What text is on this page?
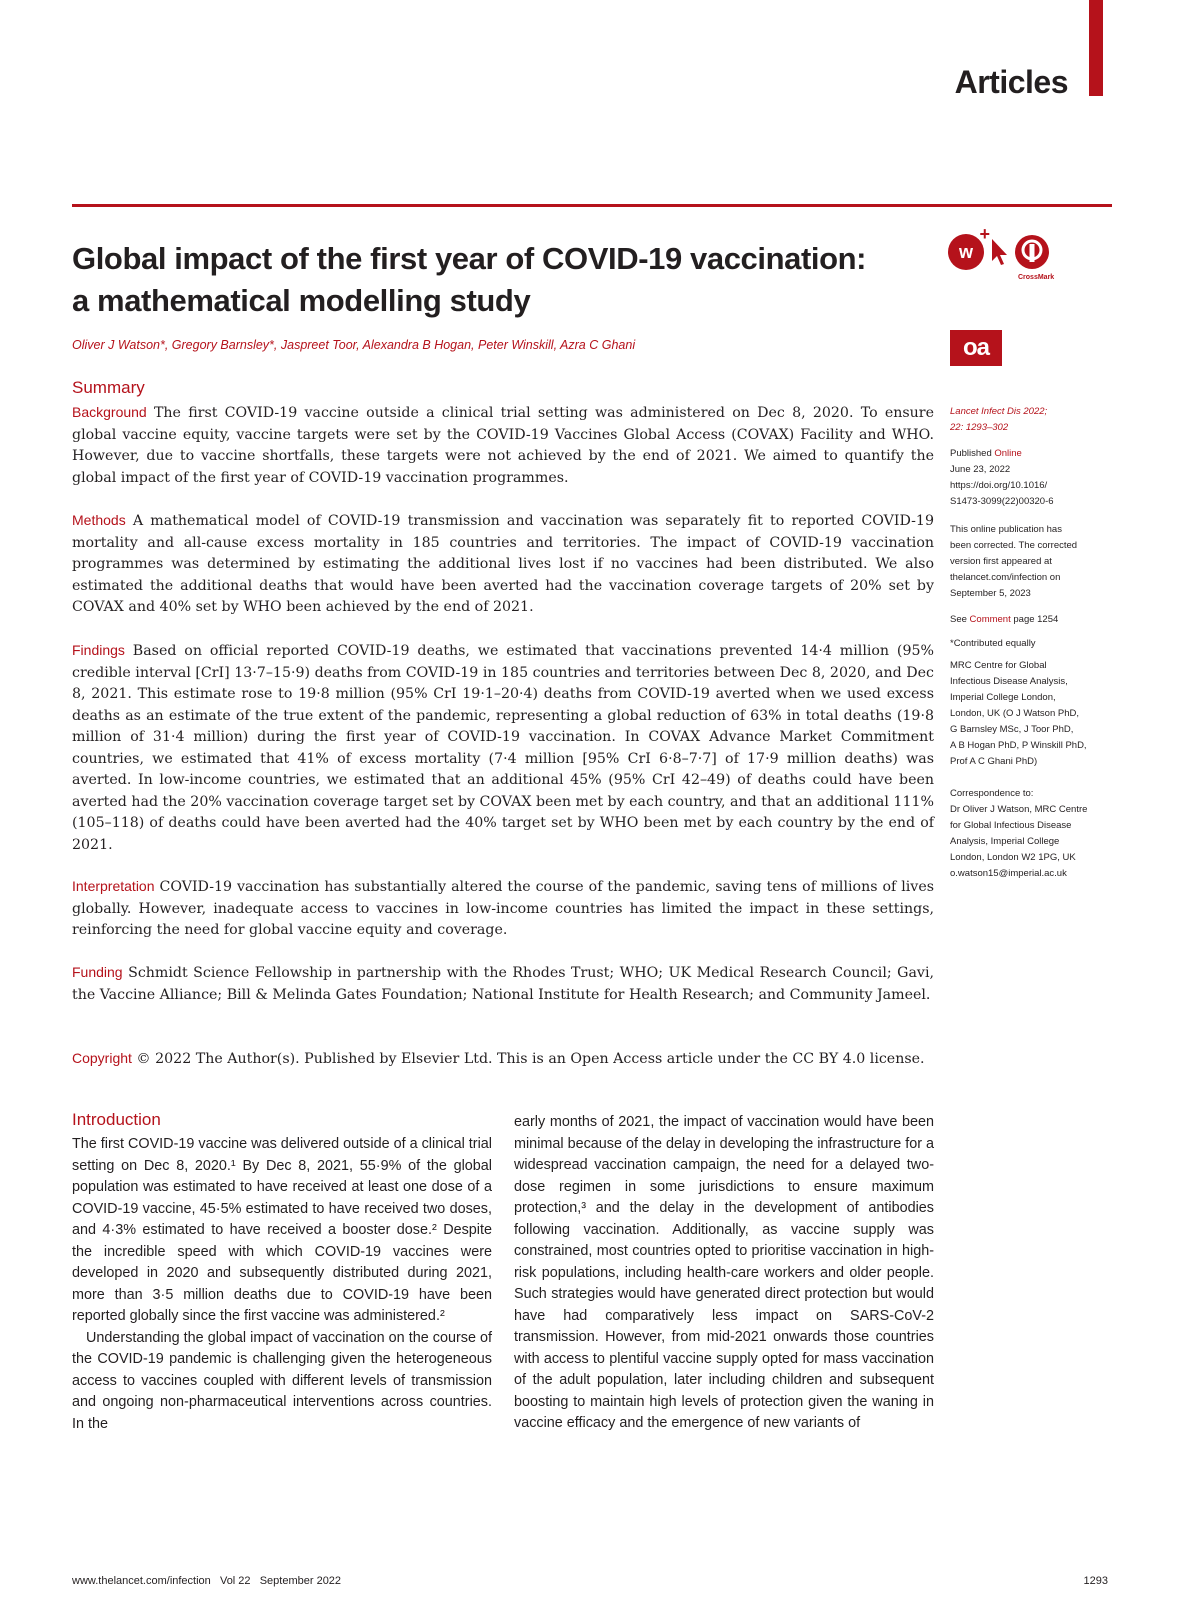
Articles
Global impact of the first year of COVID-19 vaccination:
a mathematical modelling study
Oliver J Watson*, Gregory Barnsley*, Jaspreet Toor, Alexandra B Hogan, Peter Winskill, Azra C Ghani
w
+
CrossMark
oa
Summary

Background The first COVID-19 vaccine outside a clinical trial setting was administered on Dec 8, 2020. To ensure global vaccine equity, vaccine targets were set by the COVID-19 Vaccines Global Access (COVAX) Facility and WHO. However, due to vaccine shortfalls, these targets were not achieved by the end of 2021. We aimed to quantify the global impact of the first year of COVID-19 vaccination programmes.

Methods A mathematical model of COVID-19 transmission and vaccination was separately fit to reported COVID-19 mortality and all-cause excess mortality in 185 countries and territories. The impact of COVID-19 vaccination programmes was determined by estimating the additional lives lost if no vaccines had been distributed. We also estimated the additional deaths that would have been averted had the vaccination coverage targets of 20% set by COVAX and 40% set by WHO been achieved by the end of 2021.

Findings Based on official reported COVID-19 deaths, we estimated that vaccinations prevented 14·4 million (95% credible interval [CrI] 13·7–15·9) deaths from COVID-19 in 185 countries and territories between Dec 8, 2020, and Dec 8, 2021. This estimate rose to 19·8 million (95% CrI 19·1–20·4) deaths from COVID-19 averted when we used excess deaths as an estimate of the true extent of the pandemic, representing a global reduction of 63% in total deaths (19·8 million of 31·4 million) during the first year of COVID-19 vaccination. In COVAX Advance Market Commitment countries, we estimated that 41% of excess mortality (7·4 million [95% CrI 6·8–7·7] of 17·9 million deaths) was averted. In low-income countries, we estimated that an additional 45% (95% CrI 42–49) of deaths could have been averted had the 20% vaccination coverage target set by COVAX been met by each country, and that an additional 111% (105–118) of deaths could have been averted had the 40% target set by WHO been met by each country by the end of 2021.

Interpretation COVID-19 vaccination has substantially altered the course of the pandemic, saving tens of millions of lives globally. However, inadequate access to vaccines in low-income countries has limited the impact in these settings, reinforcing the need for global vaccine equity and coverage.

Funding Schmidt Science Fellowship in partnership with the Rhodes Trust; WHO; UK Medical Research Council; Gavi, the Vaccine Alliance; Bill & Melinda Gates Foundation; National Institute for Health Research; and Community Jameel.

Copyright © 2022 The Author(s). Published by Elsevier Ltd. This is an Open Access article under the CC BY 4.0 license.

Lancet Infect Dis 2022;
22: 1293–302
Published Online
June 23, 2022
https://doi.org/10.1016/
S1473-3099(22)00320-6
This online publication has
been corrected. The corrected
version first appeared at
thelancet.com/infection on
September 5, 2023
See Comment page 1254
*Contributed equally
MRC Centre for Global
Infectious Disease Analysis,
Imperial College London,
London, UK (O J Watson PhD,
G Barnsley MSc, J Toor PhD,
A B Hogan PhD, P Winskill PhD,
Prof A C Ghani PhD)
Correspondence to:
Dr Oliver J Watson, MRC Centre
for Global Infectious Disease
Analysis, Imperial College
London, London W2 1PG, UK
o.watson15@imperial.ac.uk
Introduction

The first COVID-19 vaccine was delivered outside of a clinical trial setting on Dec 8, 2020.¹ By Dec 8, 2021, 55·9% of the global population was estimated to have received at least one dose of a COVID-19 vaccine, 45·5% estimated to have received two doses, and 4·3% estimated to have received a booster dose.² Despite the incredible speed with which COVID-19 vaccines were developed in 2020 and subsequently distributed during 2021, more than 3·5 million deaths due to COVID-19 have been reported globally since the first vaccine was administered.²

Understanding the global impact of vaccination on the course of the COVID-19 pandemic is challenging given the heterogeneous access to vaccines coupled with different levels of transmission and ongoing non-pharmaceutical interventions across countries. In the

early months of 2021, the impact of vaccination would have been minimal because of the delay in developing the infrastructure for a widespread vaccination campaign, the need for a delayed two-dose regimen in some jurisdictions to ensure maximum protection,³ and the delay in the development of antibodies following vaccination. Additionally, as vaccine supply was constrained, most countries opted to prioritise vaccination in high-risk populations, including health-care workers and older people. Such strategies would have generated direct protection but would have had comparatively less impact on SARS-CoV-2 transmission. However, from mid-2021 onwards those countries with access to plentiful vaccine supply opted for mass vaccination of the adult population, later including children and subsequent boosting to maintain high levels of protection given the waning in vaccine efficacy and the emergence of new variants of

www.thelancet.com/infection   Vol 22   September 2022	1293
